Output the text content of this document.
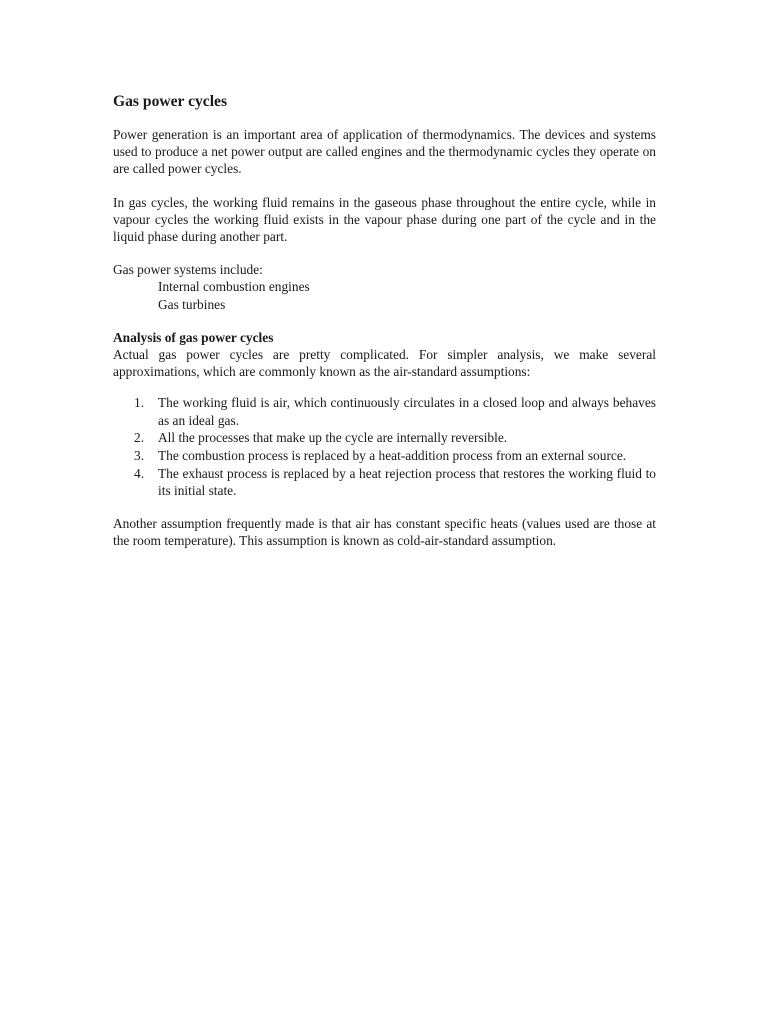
Gas power cycles

Power generation is an important area of application of thermodynamics. The devices and systems used to produce a net power output are called engines and the thermodynamic cycles they operate on are called power cycles.

In gas cycles, the working fluid remains in the gaseous phase throughout the entire cycle, while in vapour cycles the working fluid exists in the vapour phase during one part of the cycle and in the liquid phase during another part.

Gas power systems include:
Internal combustion engines
Gas turbines
Analysis of gas power cycles

Actual gas power cycles are pretty complicated. For simpler analysis, we make several approximations, which are commonly known as the air-standard assumptions:

1. The working fluid is air, which continuously circulates in a closed loop and always behaves as an ideal gas.
2. All the processes that make up the cycle are internally reversible.
3. The combustion process is replaced by a heat-addition process from an external source.
4. The exhaust process is replaced by a heat rejection process that restores the working fluid to its initial state.

Another assumption frequently made is that air has constant specific heats (values used are those at the room temperature). This assumption is known as cold-air-standard assumption.
